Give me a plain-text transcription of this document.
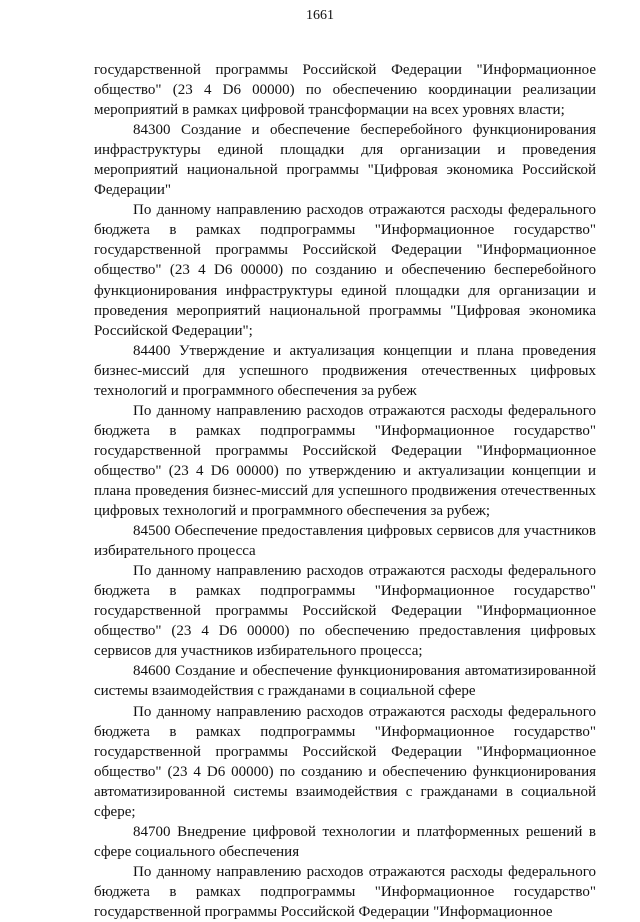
1661

государственной программы Российской Федерации "Информационное общество" (23 4 D6 00000) по обеспечению координации реализации мероприятий в рамках цифровой трансформации на всех уровнях власти;

84300 Создание и обеспечение бесперебойного функционирования инфраструктуры единой площадки для организации и проведения мероприятий национальной программы "Цифровая экономика Российской Федерации"

По данному направлению расходов отражаются расходы федерального бюджета в рамках подпрограммы "Информационное государство" государственной программы Российской Федерации "Информационное общество" (23 4 D6 00000) по созданию и обеспечению бесперебойного функционирования инфраструктуры единой площадки для организации и проведения мероприятий национальной программы "Цифровая экономика Российской Федерации";

84400 Утверждение и актуализация концепции и плана проведения бизнес-миссий для успешного продвижения отечественных цифровых технологий и программного обеспечения за рубеж

По данному направлению расходов отражаются расходы федерального бюджета в рамках подпрограммы "Информационное государство" государственной программы Российской Федерации "Информационное общество" (23 4 D6 00000) по утверждению и актуализации концепции и плана проведения бизнес-миссий для успешного продвижения отечественных цифровых технологий и программного обеспечения за рубеж;

84500 Обеспечение предоставления цифровых сервисов для участников избирательного процесса

По данному направлению расходов отражаются расходы федерального бюджета в рамках подпрограммы "Информационное государство" государственной программы Российской Федерации "Информационное общество" (23 4 D6 00000) по обеспечению предоставления цифровых сервисов для участников избирательного процесса;

84600 Создание и обеспечение функционирования автоматизированной системы взаимодействия с гражданами в социальной сфере

По данному направлению расходов отражаются расходы федерального бюджета в рамках подпрограммы "Информационное государство" государственной программы Российской Федерации "Информационное общество" (23 4 D6 00000) по созданию и обеспечению функционирования автоматизированной системы взаимодействия с гражданами в социальной сфере;

84700 Внедрение цифровой технологии и платформенных решений в сфере социального обеспечения

По данному направлению расходов отражаются расходы федерального бюджета в рамках подпрограммы "Информационное государство" государственной программы Российской Федерации "Информационное
